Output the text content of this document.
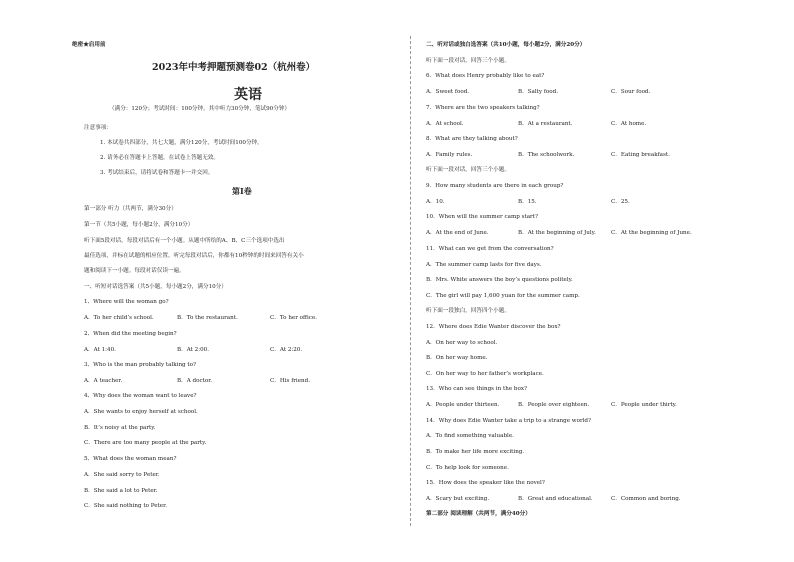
绝密★启用前
2023年中考押题预测卷02（杭州卷）
英语
（满分：120分；考试时间：100分钟。其中听力30分钟，笔试90分钟）
注意事项：
1. 本试卷共四部分，共七大题，满分120分，考试时间100分钟。
2. 请务必在答题卡上答题，在试卷上答题无效。
3. 考试结束后，请将试卷和答题卡一并交回。
第Ⅰ卷
第一部分 听力（共两节，满分30分）
第一节（共5小题，每小题2分，满分10分）
听下面5段对话，每段对话后有一个小题。从题中所给的A、B、C三个选项中选出
最佳选项，并标在试题的相应位置。听完每段对话后，你都有10秒钟的时间来回答有关小
题和阅读下一小题。每段对话仅读一遍。
一、听短对话选答案（共5小题，每小题2分，满分10分）
1、Where will the woman go?
A．To her child’s school.	B．To the restaurant.	C．To her office.
2、When did the meeting begin?
A．At 1:40.	B．At 2:00.	C．At 2:20.
3、Who is the man probably talking to?
A．A teacher.	B．A doctor.	C．His friend.
4、Why does the woman want to leave?
A．She wants to enjoy herself at school.
B．It’s noisy at the party.
C．There are too many people at the party.
5、What does the woman mean?
A．She said sorry to Peter.
B．She said a lot to Peter.
C．She said nothing to Peter.
二、听对话或独白选答案（共10小题，每小题2分，满分20分）
听下面一段对话，回答三个小题。
6．What does Henry probably like to eat?
A．Sweet food.	B．Salty food.	C．Sour food.
7．Where are the two speakers talking?
A．At school.	B．At a restaurant.	C．At home.
8．What are they talking about?
A．Family rules.	B．The schoolwork.	C．Eating breakfast.
听下面一段对话，回答三个小题。
9．How many students are there in each group?
A．10.	B．15.	C．25.
10．When will the summer camp start?
A．At the end of June.	B．At the beginning of July.	C．At the beginning of June.
11．What can we get from the conversation?
A．The summer camp lasts for five days.
B．Mrs. White answers the boy’s questions politely.
C．The girl will pay 1,600 yuan for the summer camp.
听下面一段独白，回答四个小题。
12．Where does Edie Wanter discover the box?
A．On her way to school.
B．On her way home.
C．On her way to her father’s workplace.
13．Who can see things in the box?
A．People under thirteen.	B．People over eighteen.	C．People under thirty.
14．Why does Edie Wanter take a trip to a strange world?
A．To find something valuable.
B．To make her life more exciting.
C．To help look for someone.
15．How does the speaker like the novel?
A．Scary but exciting.	B．Great and educational.	C．Common and boring.
第二部分 阅读理解（共两节，满分40分）
